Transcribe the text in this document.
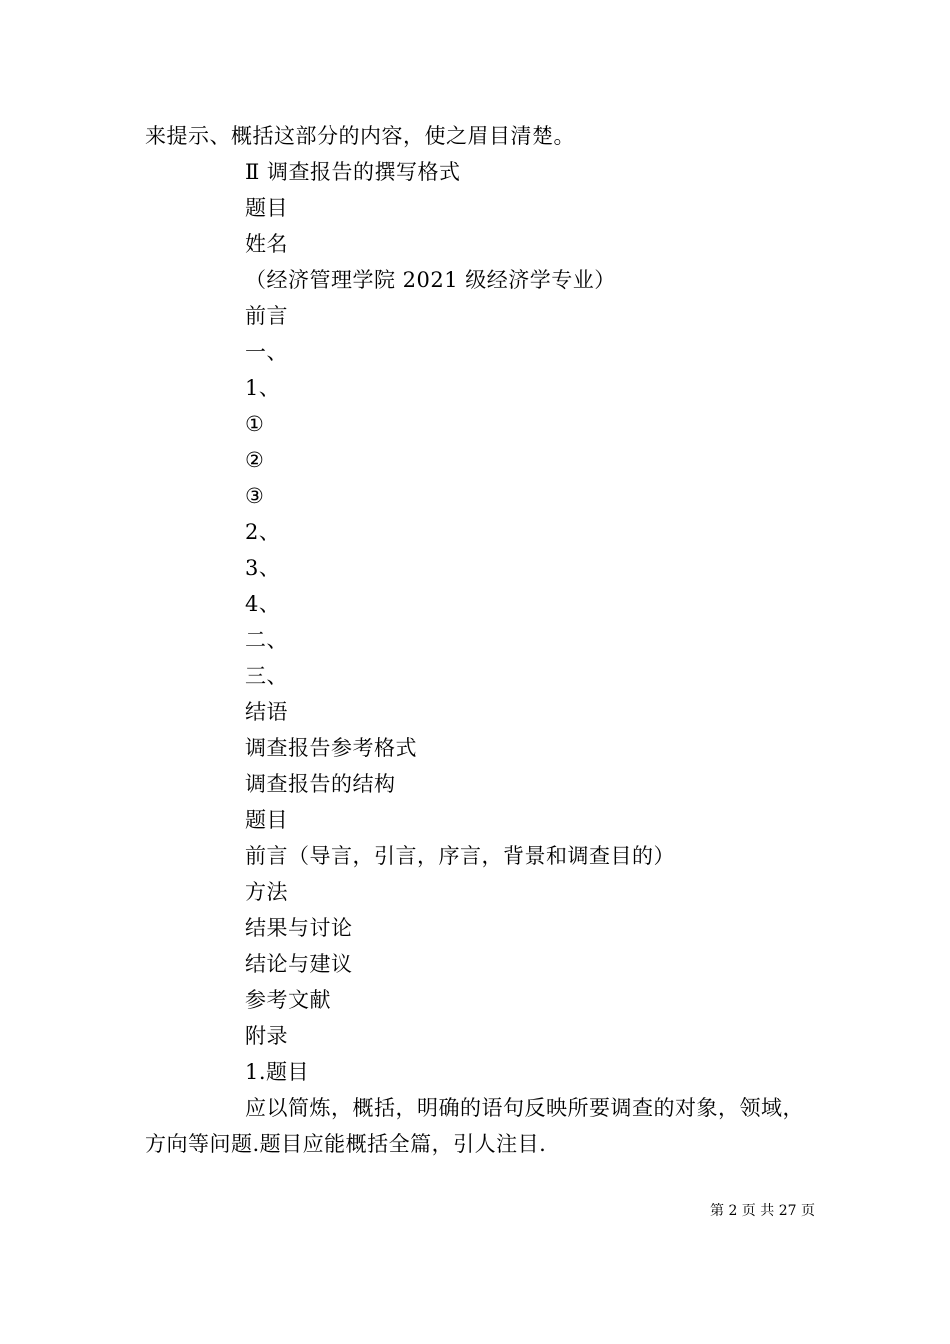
来提示、概括这部分的内容，使之眉目清楚。
Ⅱ 调查报告的撰写格式
题目
姓名
（经济管理学院 2021 级经济学专业）
前言
一、
1、
①
②
③
2、
3、
4、
二、
三、
结语
调查报告参考格式
调查报告的结构
题目
前言（导言，引言，序言，背景和调查目的）
方法
结果与讨论
结论与建议
参考文献
附录
1.题目
应以简炼，概括，明确的语句反映所要调查的对象，领域，
方向等问题.题目应能概括全篇，引人注目.
第 2 页 共 27 页
